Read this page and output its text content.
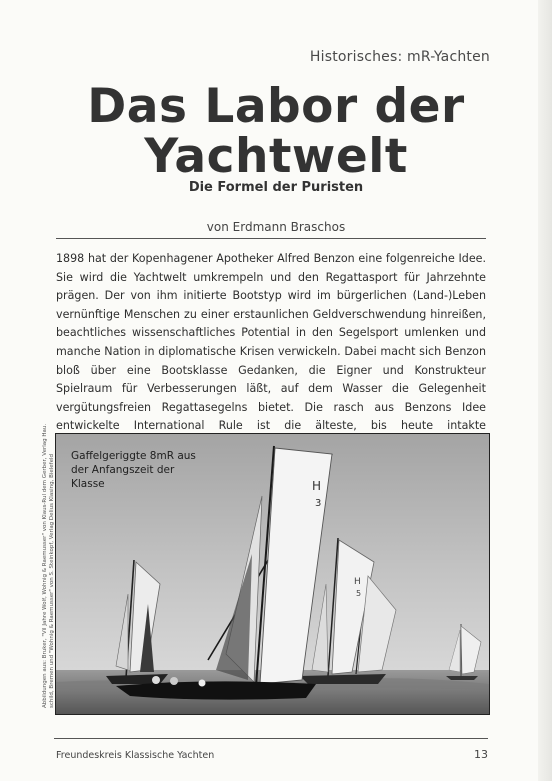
Historisches: mR-Yachten
Das Labor der
Yachtwelt
Die Formel der Puristen
von Erdmann Braschos

1898 hat der Kopenhagener Apotheker Alfred Benzon eine folgenreiche Idee. Sie wird die Yachtwelt umkrempeln und den Regattasport für Jahrzehnte prägen. Der von ihm initierte Bootstyp wird im bürgerlichen (Land-)Leben vernünftige Menschen zu einer erstaunlichen Geldverschwendung hinreißen, beachtliches wissenschaftliches Potential in den Segelsport umlenken und manche Nation in diplomatische Krisen verwickeln. Dabei macht sich Benzon bloß über eine Bootsklasse Gedanken, die Eigner und Konstrukteur Spielraum für Verbesserungen läßt, auf dem Wasser die Gelegenheit vergütungsfreien Regattasegelns bietet. Die rasch aus Benzons Idee entwickelte International Rule ist die älteste, bis heute intakte

Abbildungen aus: Bruker, "Vil Jahre Wolf, Wohnig & Raemusser" von Klaus-Rul dem Gerber, Verlag Hau. schild, Bremen und "Wohnig & Raemusser" von S. Steinkopf, Verlag Delius Klasing, Bielefeld	H
5
H
3
Gaffelgeriggte 8mR aus
der Anfangszeit der Klasse
Freundeskreis Klassische Yachten	13
